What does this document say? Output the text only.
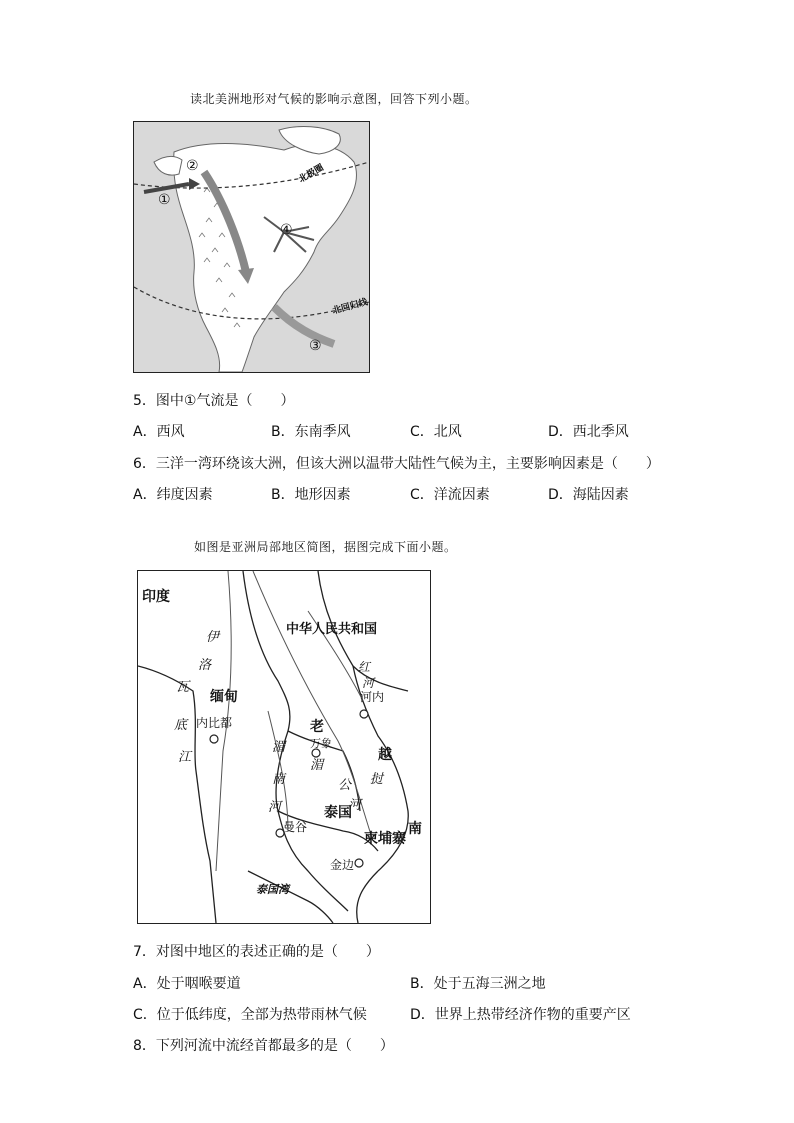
读北美洲地形对气候的影响示意图，回答下列小题。
①
②
③
④
北极圈
北回归线
5．图中①气流是（　　）
A．西风	B．东南季风	C．北风	D．西北季风
6．三洋一湾环绕该大洲，但该大洲以温带大陆性气候为主，主要影响因素是（　　）
A．纬度因素	B．地形因素	C．洋流因素	D．海陆因素
如图是亚洲局部地区简图，据图完成下面小题。
印度
中华人民共和国
缅甸
老
泰国
越
南
柬埔寨
内比都
河内
万象
曼谷
金边
伊
洛
瓦
底
江
红
河
湄
南
河
湄
公
河
挝
泰国湾
7．对图中地区的表述正确的是（　　）
A．处于咽喉要道	B．处于五海三洲之地
C．位于低纬度，全部为热带雨林气候	D．世界上热带经济作物的重要产区
8．下列河流中流经首都最多的是（　　）
